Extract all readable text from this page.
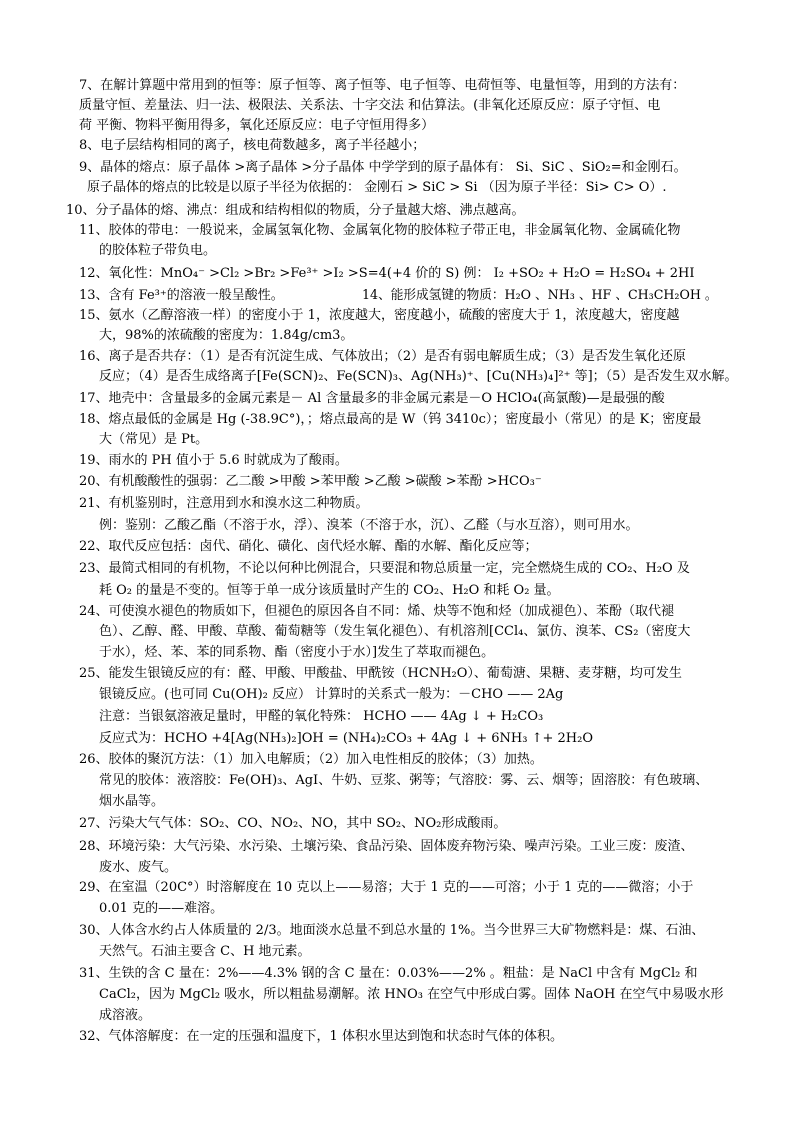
7、在解计算题中常用到的恒等：原子恒等、离子恒等、电子恒等、电荷恒等、电量恒等，用到的方法有：
质量守恒、差量法、归一法、极限法、关系法、十字交法 和估算法。(非氧化还原反应：原子守恒、电
荷 平衡、物料平衡用得多，氧化还原反应：电子守恒用得多）
8、电子层结构相同的离子，核电荷数越多，离子半径越小；
9、晶体的熔点：原子晶体 >离子晶体 >分子晶体 中学学到的原子晶体有： Si、SiC 、SiO₂=和金刚石。
原子晶体的熔点的比较是以原子半径为依据的： 金刚石 > SiC > Si （因为原子半径：Si> C> O）.
10、分子晶体的熔、沸点：组成和结构相似的物质，分子量越大熔、沸点越高。
11、胶体的带电：一般说来，金属氢氧化物、金属氧化物的胶体粒子带正电，非金属氧化物、金属硫化物
的胶体粒子带负电。
12、氧化性：MnO₄⁻ >Cl₂ >Br₂ >Fe³⁺ >I₂ >S=4(+4 价的 S) 例： I₂ +SO₂ + H₂O = H₂SO₄ + 2HI
13、含有 Fe³⁺的溶液一般呈酸性。	14、能形成氢键的物质：H₂O 、NH₃ 、HF 、CH₃CH₂OH 。
15、氨水（乙醇溶液一样）的密度小于 1，浓度越大，密度越小，硫酸的密度大于 1，浓度越大，密度越
大，98%的浓硫酸的密度为：1.84g/cm3。
16、离子是否共存：（1）是否有沉淀生成、气体放出；（2）是否有弱电解质生成；（3）是否发生氧化还原
反应；（4）是否生成络离子[Fe(SCN)₂、Fe(SCN)₃、Ag(NH₃)⁺、[Cu(NH₃)₄]²⁺ 等]；（5）是否发生双水解。
17、地壳中：含量最多的金属元素是－ Al 含量最多的非金属元素是－O HClO₄(高氯酸)—是最强的酸
18、熔点最低的金属是 Hg (-38.9C°)，；熔点最高的是 W（钨 3410c）；密度最小（常见）的是 K；密度最
大（常见）是 Pt。
19、雨水的 PH 值小于 5.6 时就成为了酸雨。
20、有机酸酸性的强弱：乙二酸 >甲酸 >苯甲酸 >乙酸 >碳酸 >苯酚 >HCO₃⁻
21、有机鉴别时，注意用到水和溴水这二种物质。
例：鉴别：乙酸乙酯（不溶于水，浮）、溴苯（不溶于水，沉）、乙醛（与水互溶），则可用水。
22、取代反应包括：卤代、硝化、磺化、卤代烃水解、酯的水解、酯化反应等；
23、最简式相同的有机物，不论以何种比例混合，只要混和物总质量一定，完全燃烧生成的 CO₂、H₂O 及
耗 O₂ 的量是不变的。恒等于单一成分该质量时产生的 CO₂、H₂O 和耗 O₂ 量。
24、可使溴水褪色的物质如下，但褪色的原因各自不同：烯、炔等不饱和烃（加成褪色）、苯酚（取代褪
色）、乙醇、醛、甲酸、草酸、葡萄糖等（发生氧化褪色）、有机溶剂[CCl₄、氯仿、溴苯、CS₂（密度大
于水），烃、苯、苯的同系物、酯（密度小于水）]发生了萃取而褪色。
25、能发生银镜反应的有：醛、甲酸、甲酸盐、甲酰铵（HCNH₂O）、葡萄溏、果糖、麦芽糖，均可发生
银镜反应。(也可同 Cu(OH)₂ 反应） 计算时的关系式一般为：－CHO —— 2Ag
注意：当银氨溶液足量时，甲醛的氧化特殊： HCHO —— 4Ag ↓ + H₂CO₃
反应式为：HCHO +4[Ag(NH₃)₂]OH = (NH₄)₂CO₃ + 4Ag ↓ + 6NH₃ ↑+ 2H₂O
26、胶体的聚沉方法：（1）加入电解质；（2）加入电性相反的胶体；（3）加热。
常见的胶体：液溶胶：Fe(OH)₃、AgI、牛奶、豆浆、粥等；气溶胶：雾、云、烟等；固溶胶：有色玻璃、
烟水晶等。
27、污染大气气体：SO₂、CO、NO₂、NO，其中 SO₂、NO₂形成酸雨。
28、环境污染：大气污染、水污染、土壤污染、食品污染、固体废弃物污染、噪声污染。工业三废：废渣、
废水、废气。
29、在室温（20C°）时溶解度在 10 克以上——易溶；大于 1 克的——可溶；小于 1 克的——微溶；小于
0.01 克的——难溶。
30、人体含水约占人体质量的 2/3。地面淡水总量不到总水量的 1%。当今世界三大矿物燃料是：煤、石油、
天然气。石油主要含 C、H 地元素。
31、生铁的含 C 量在：2%——4.3% 钢的含 C 量在：0.03%——2% 。粗盐：是 NaCl 中含有 MgCl₂ 和
CaCl₂，因为 MgCl₂ 吸水，所以粗盐易潮解。浓 HNO₃ 在空气中形成白雾。固体 NaOH 在空气中易吸水形
成溶液。
32、气体溶解度：在一定的压强和温度下，1 体积水里达到饱和状态时气体的体积。
